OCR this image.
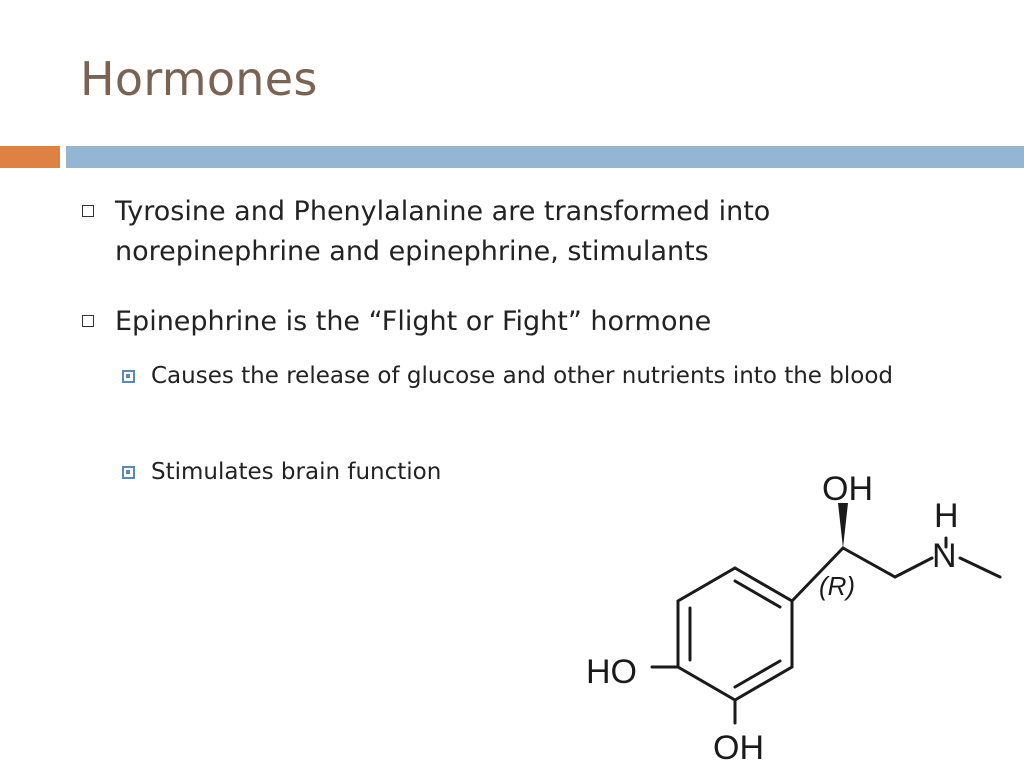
Hormones
Tyrosine and Phenylalanine are transformed into norepinephrine and epinephrine, stimulants
Epinephrine is the “Flight or Fight” hormone
Causes the release of glucose and other nutrients into the blood
Stimulates brain function	OH
H
N
(R)
HO
OH
